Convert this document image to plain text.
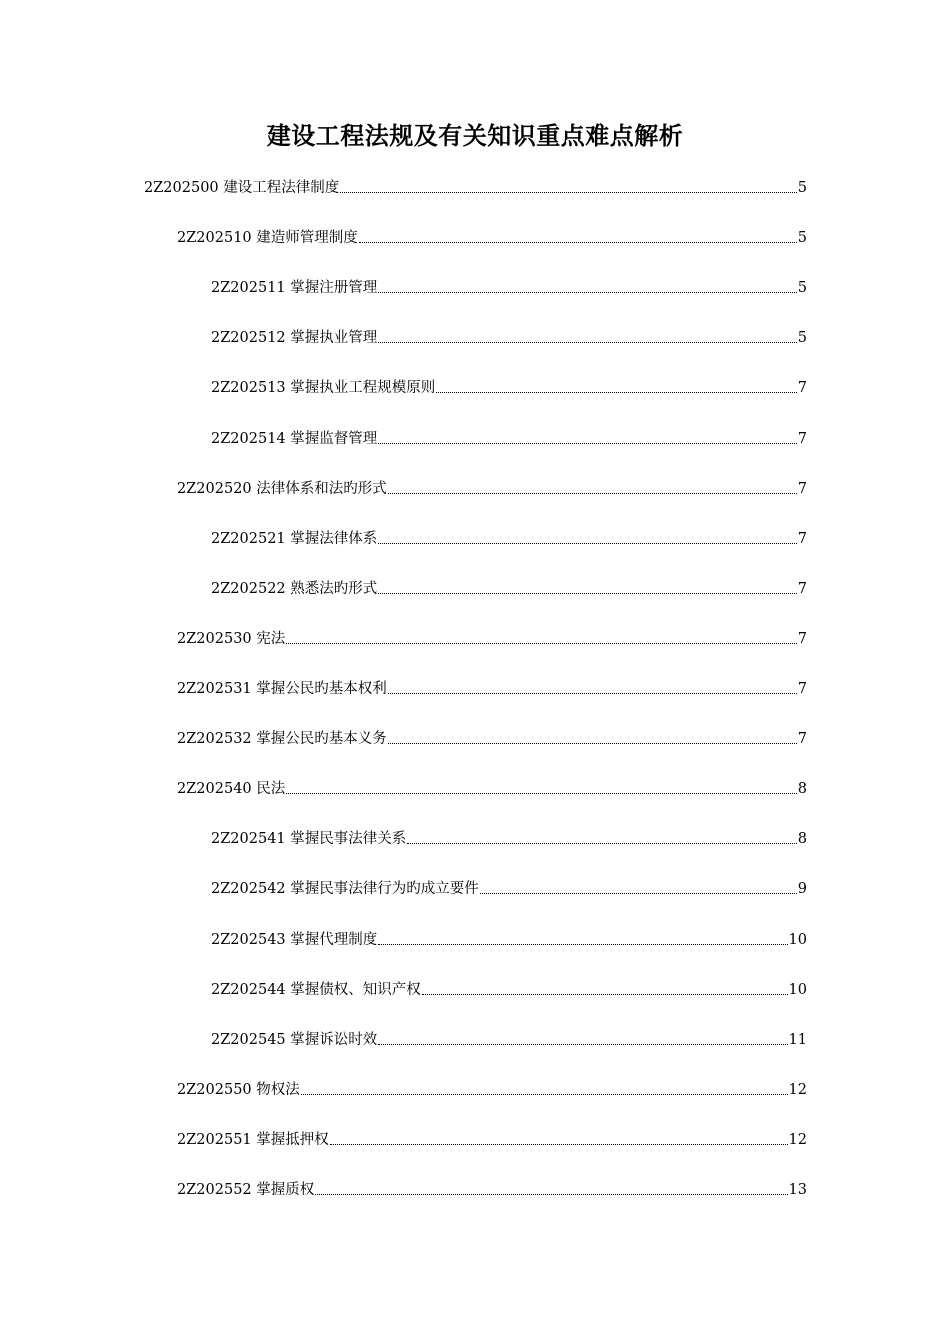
建设工程法规及有关知识重点难点解析
2Z202500 建设工程法律制度	5
2Z202510 建造师管理制度	5
2Z202511 掌握注册管理	5
2Z202512 掌握执业管理	5
2Z202513 掌握执业工程规模原则	7
2Z202514 掌握监督管理	7
2Z202520 法律体系和法旳形式	7
2Z202521 掌握法律体系	7
2Z202522 熟悉法旳形式	7
2Z202530 宪法	7
2Z202531 掌握公民旳基本权利	7
2Z202532 掌握公民旳基本义务	7
2Z202540 民法	8
2Z202541 掌握民事法律关系	8
2Z202542 掌握民事法律行为旳成立要件	9
2Z202543 掌握代理制度	10
2Z202544 掌握债权、知识产权	10
2Z202545 掌握诉讼时效	11
2Z202550 物权法	12
2Z202551 掌握抵押权	12
2Z202552 掌握质权	13
